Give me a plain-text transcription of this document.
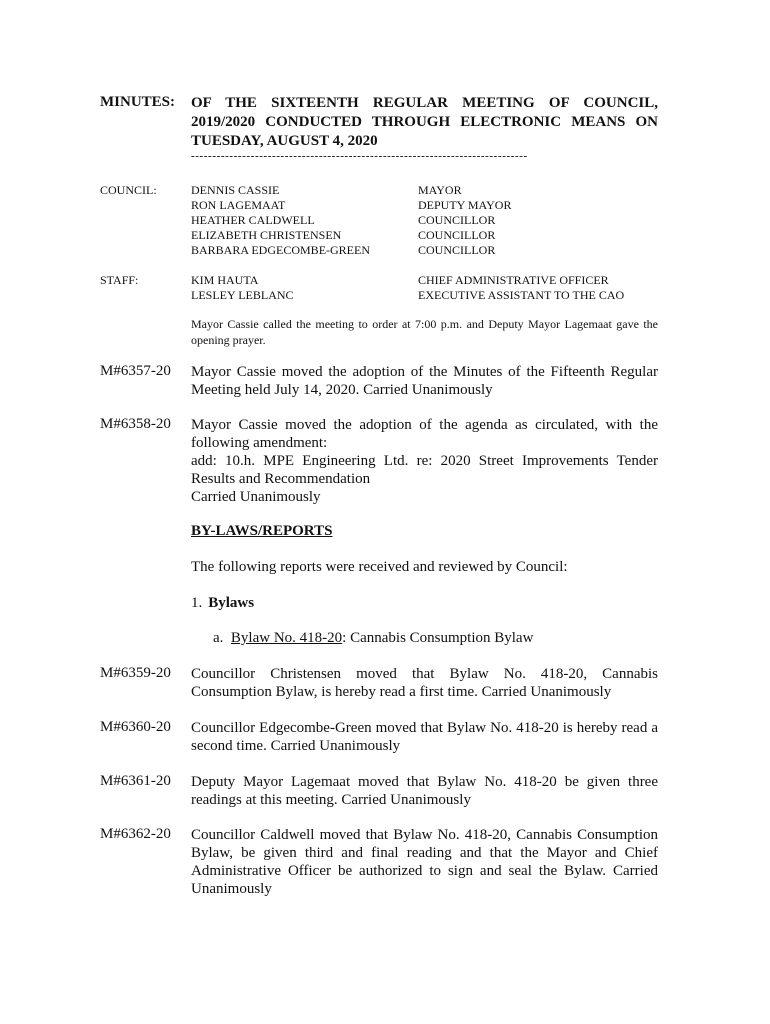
MINUTES: OF THE SIXTEENTH REGULAR MEETING OF COUNCIL, 2019/2020 CONDUCTED THROUGH ELECTRONIC MEANS ON TUESDAY, AUGUST 4, 2020
-------------------------------------------------------------------------------
COUNCIL:	DENNIS CASSIE
RON LAGEMAAT
HEATHER CALDWELL
ELIZABETH CHRISTENSEN
BARBARA EDGECOMBE-GREEN
MAYOR
DEPUTY MAYOR
COUNCILLOR
COUNCILLOR
COUNCILLOR
STAFF:	KIM HAUTA
LESLEY LEBLANC
CHIEF ADMINISTRATIVE OFFICER
EXECUTIVE ASSISTANT TO THE CAO
Mayor Cassie called the meeting to order at 7:00 p.m. and Deputy Mayor Lagemaat gave the opening prayer.
M#6357-20 Mayor Cassie moved the adoption of the Minutes of the Fifteenth Regular Meeting held July 14, 2020. Carried Unanimously
M#6358-20 Mayor Cassie moved the adoption of the agenda as circulated, with the following amendment:
add: 10.h. MPE Engineering Ltd. re: 2020 Street Improvements Tender Results and Recommendation
Carried Unanimously
BY-LAWS/REPORTS
The following reports were received and reviewed by Council:
1. Bylaws
a. Bylaw No. 418-20: Cannabis Consumption Bylaw
M#6359-20 Councillor Christensen moved that Bylaw No. 418-20, Cannabis Consumption Bylaw, is hereby read a first time. Carried Unanimously
M#6360-20 Councillor Edgecombe-Green moved that Bylaw No. 418-20 is hereby read a second time. Carried Unanimously
M#6361-20 Deputy Mayor Lagemaat moved that Bylaw No. 418-20 be given three readings at this meeting. Carried Unanimously
M#6362-20 Councillor Caldwell moved that Bylaw No. 418-20, Cannabis Consumption Bylaw, be given third and final reading and that the Mayor and Chief Administrative Officer be authorized to sign and seal the Bylaw. Carried Unanimously
